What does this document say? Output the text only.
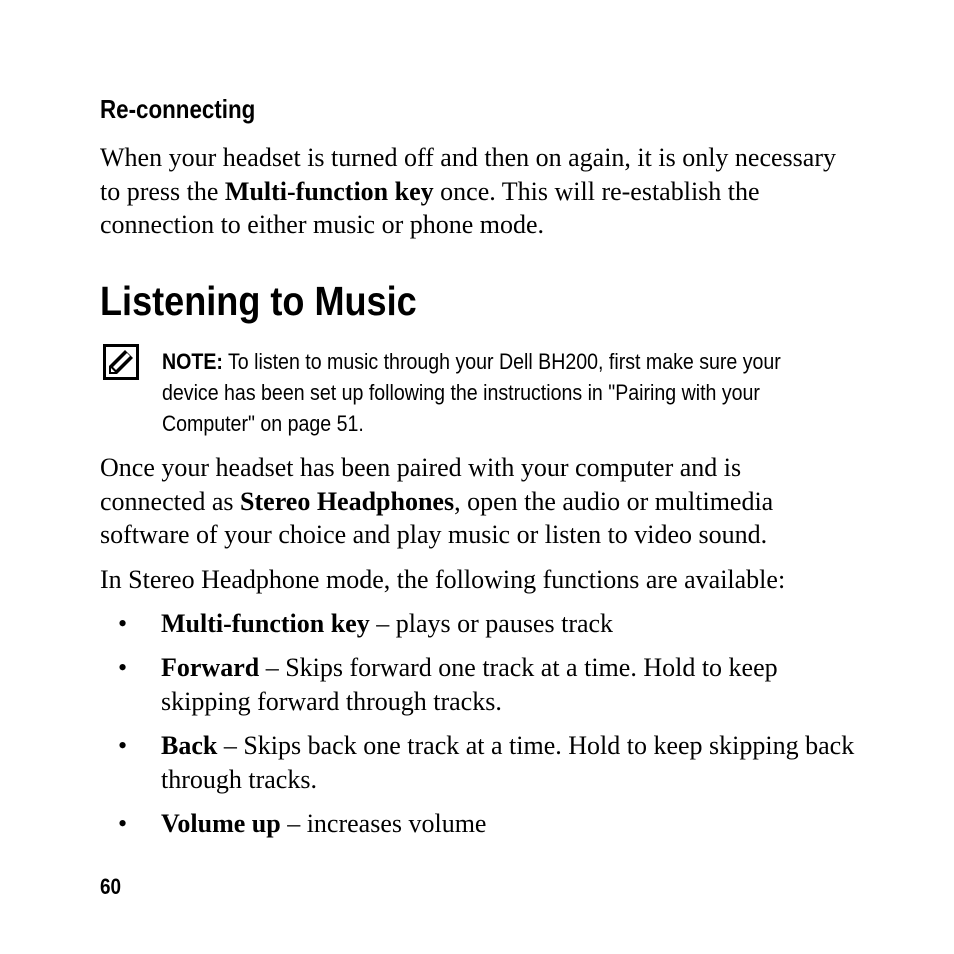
Re-connecting

When your headset is turned off and then on again, it is only necessary to press the Multi-function key once. This will re-establish the connection to either music or phone mode.

Listening to Music
NOTE: To listen to music through your Dell BH200, first make sure your device has been set up following the instructions in "Pairing with your Computer" on page 51.

Once your headset has been paired with your computer and is connected as Stereo Headphones, open the audio or multimedia software of your choice and play music or listen to video sound.

In Stereo Headphone mode, the following functions are available:

• Multi-function key – plays or pauses track
• Forward – Skips forward one track at a time. Hold to keep skipping forward through tracks.
• Back – Skips back one track at a time. Hold to keep skipping back through tracks.
• Volume up – increases volume
60
